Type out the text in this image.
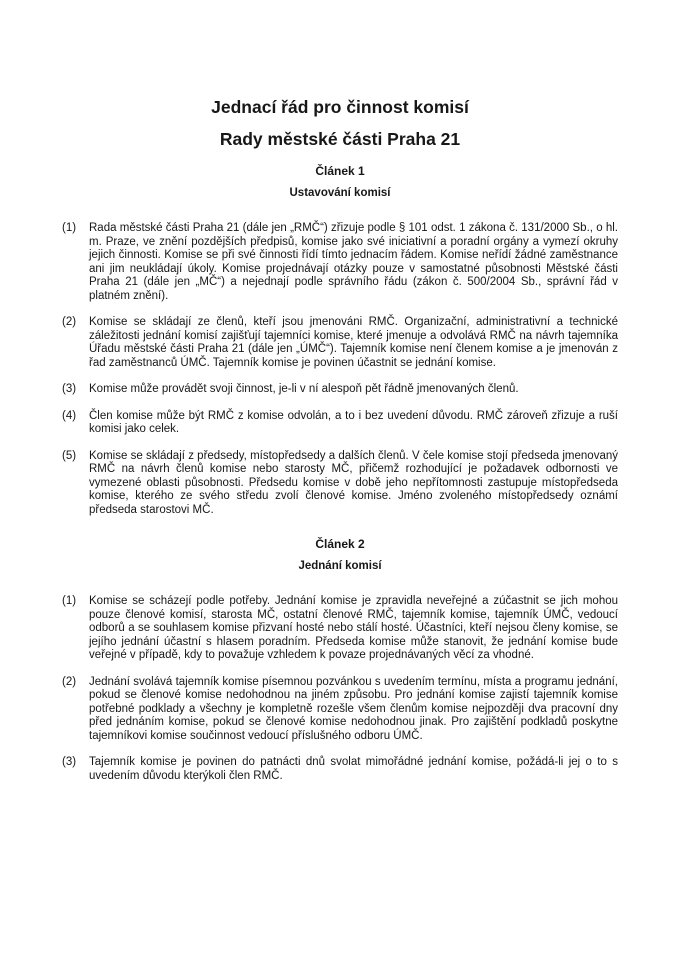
Jednací řád pro činnost komisí
Rady městské části Praha 21
Článek 1
Ustavování komisí
(1)	Rada městské části Praha 21 (dále jen „RMČ“) zřizuje podle § 101 odst. 1 zákona č. 131/2000 Sb., o hl. m. Praze, ve znění pozdějších předpisů, komise jako své iniciativní a poradní orgány a vymezí okruhy jejich činnosti. Komise se při své činnosti řídí tímto jednacím řádem. Komise neřídí žádné zaměstnance ani jim neukládají úkoly. Komise projednávají otázky pouze v samostatné působnosti Městské části Praha 21 (dále jen „MČ“) a nejednají podle správního řádu (zákon č. 500/2004 Sb., správní řád v platném znění).
(2)	Komise se skládají ze členů, kteří jsou jmenováni RMČ. Organizační, administrativní a technické záležitosti jednání komisí zajišťují tajemníci komise, které jmenuje a odvolává RMČ na návrh tajemníka Úřadu městské části Praha 21 (dále jen „ÚMČ“). Tajemník komise není členem komise a je jmenován z řad zaměstnanců ÚMČ. Tajemník komise je povinen účastnit se jednání komise.
(3)	Komise může provádět svoji činnost, je-li v ní alespoň pět řádně jmenovaných členů.
(4)	Člen komise může být RMČ z komise odvolán, a to i bez uvedení důvodu. RMČ zároveň zřizuje a ruší komisi jako celek.
(5)	Komise se skládají z předsedy, místopředsedy a dalších členů. V čele komise stojí předseda jmenovaný RMČ na návrh členů komise nebo starosty MČ, přičemž rozhodující je požadavek odbornosti ve vymezené oblasti působnosti. Předsedu komise v době jeho nepřítomnosti zastupuje místopředseda komise, kterého ze svého středu zvolí členové komise. Jméno zvoleného místopředsedy oznámí předseda starostovi MČ.
Článek 2
Jednání komisí
(1)	Komise se scházejí podle potřeby. Jednání komise je zpravidla neveřejné a zúčastnit se jich mohou pouze členové komisí, starosta MČ, ostatní členové RMČ, tajemník komise, tajemník ÚMČ, vedoucí odborů a se souhlasem komise přizvaní hosté nebo stálí hosté. Účastníci, kteří nejsou členy komise, se jejího jednání účastní s hlasem poradním. Předseda komise může stanovit, že jednání komise bude veřejné v případě, kdy to považuje vzhledem k povaze projednávaných věcí za vhodné.
(2)	Jednání svolává tajemník komise písemnou pozvánkou s uvedením termínu, místa a programu jednání, pokud se členové komise nedohodnou na jiném způsobu. Pro jednání komise zajistí tajemník komise potřebné podklady a všechny je kompletně rozešle všem členům komise nejpozději dva pracovní dny před jednáním komise, pokud se členové komise nedohodnou jinak. Pro zajištění podkladů poskytne tajemníkovi komise součinnost vedoucí příslušného odboru ÚMČ.
(3)	Tajemník komise je povinen do patnácti dnů svolat mimořádné jednání komise, požádá-li jej o to s uvedením důvodu kterýkoli člen RMČ.
